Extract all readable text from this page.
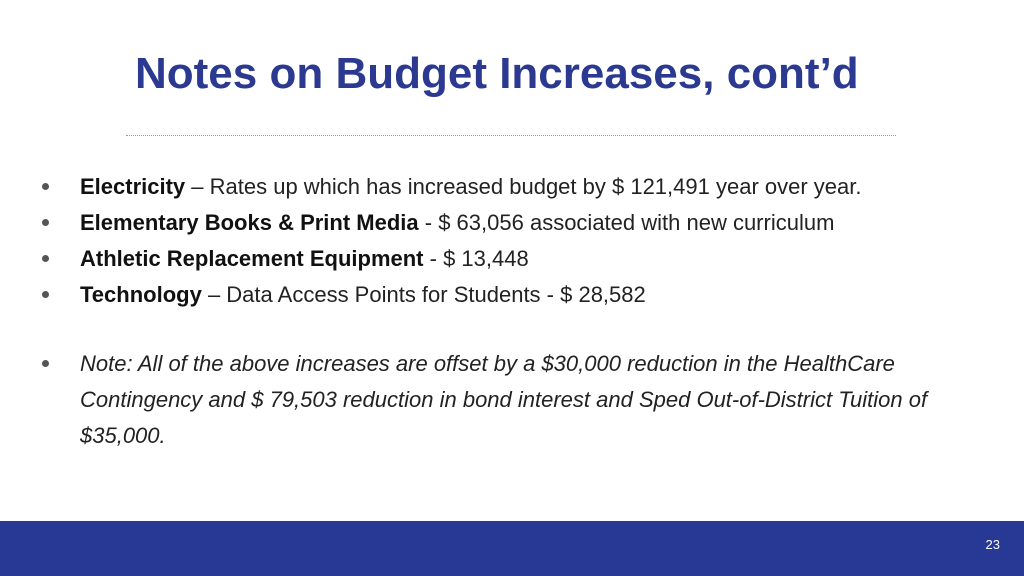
Notes on Budget Increases, cont’d
Electricity – Rates up which has increased budget by $ 121,491 year over year.
Elementary Books & Print Media - $ 63,056 associated with new curriculum
Athletic Replacement Equipment - $ 13,448
Technology – Data Access Points for Students - $ 28,582
Note: All of the above increases are offset by a $30,000 reduction in the HealthCare Contingency and $ 79,503 reduction in bond interest and Sped Out-of-District Tuition of $35,000.
23
